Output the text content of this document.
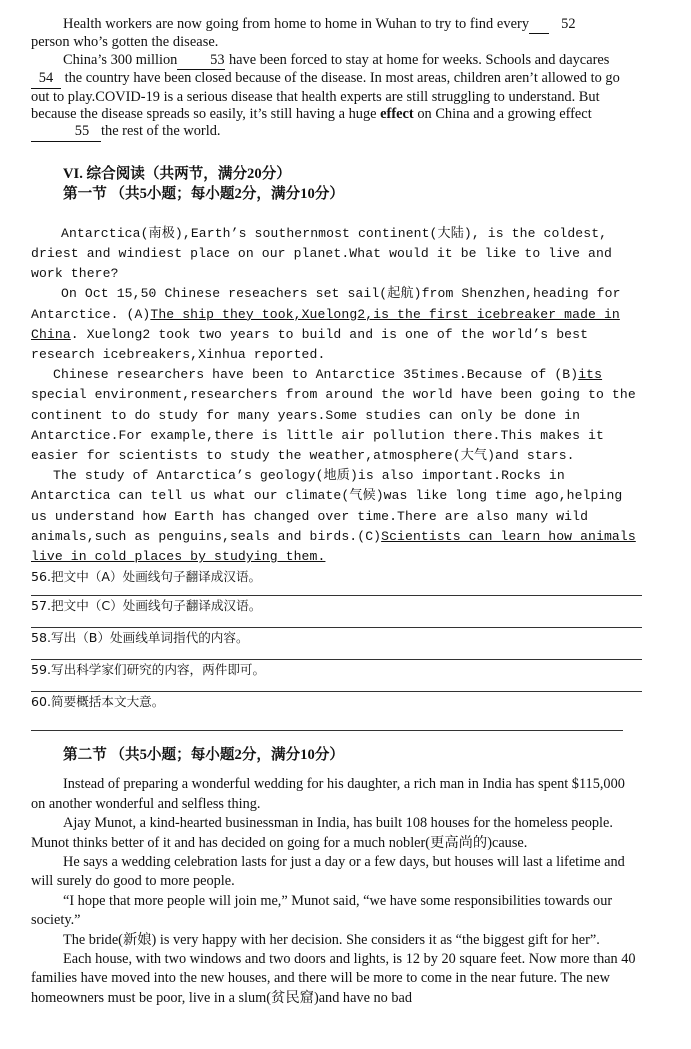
Health workers are now going from home to home in Wuhan to try to find every 52
person who’s gotten the disease.

China’s 300 million 53 have been forced to stay at home for weeks. Schools and daycares
54 the country have been closed because of the disease. In most areas, children aren’t allowed to go out to play.COVID-19 is a serious disease that health experts are still struggling to understand. But because the disease spreads so easily, it’s still having a huge effect on China and a growing effect55 the rest of the world.

VI. 综合阅读（共两节，满分20分）

第一节 （共5小题；每小题2分，满分10分）

Antarctica(南极),Earth’s southernmost continent(大陆), is the coldest, driest and windiest place on our planet.What would it be like to live and work there?

On Oct 15,50 Chinese reseachers set sail(起航)from Shenzhen,heading for Antarctice. (A)The ship they took,Xuelong2,is the first icebreaker made in China. Xuelong2 took two years to build and is one of the world’s best research icebreakers,Xinhua reported.

Chinese researchers have been to Antarctice 35times.Because of (B)its special environment,researchers from around the world have been going to the continent to do study for many years.Some studies can only be done in Antarctice.For example,there is little air pollution there.This makes it easier for scientists to study the weather,atmosphere(大气)and stars.

The study of Antarctica’s geology(地质)is also important.Rocks in Antarctica can tell us what our climate(气候)was like long time ago,helping us understand how Earth has changed over time.There are also many wild animals,such as penguins,seals and birds.(C)Scientists can learn how animals live in cold places by studying them.

56.把文中（A）处画线句子翻译成汉语。

57.把文中（C）处画线句子翻译成汉语。

58.写出（B）处画线单词指代的内容。

59.写出科学家们研究的内容，两件即可。

60.简要概括本文大意。

第二节 （共5小题；每小题2分，满分10分）

Instead of preparing a wonderful wedding for his daughter, a rich man in India has spent $115,000 on another wonderful and selfless thing.

Ajay Munot, a kind-hearted businessman in India, has built 108 houses for the homeless people. Munot thinks better of it and has decided on going for a much nobler(更高尚的)cause.

He says a wedding celebration lasts for just a day or a few days, but houses will last a lifetime and will surely do good to more people.

“I hope that more people will join me,” Munot said, “we have some responsibilities towards our society.”

The bride(新娘) is very happy with her decision. She considers it as “the biggest gift for her”.

Each house, with two windows and two doors and lights, is 12 by 20 square feet. Now more than 40 families have moved into the new houses, and there will be more to come in the near future. The new homeowners must be poor, live in a slum(贫民窟)and have no bad
